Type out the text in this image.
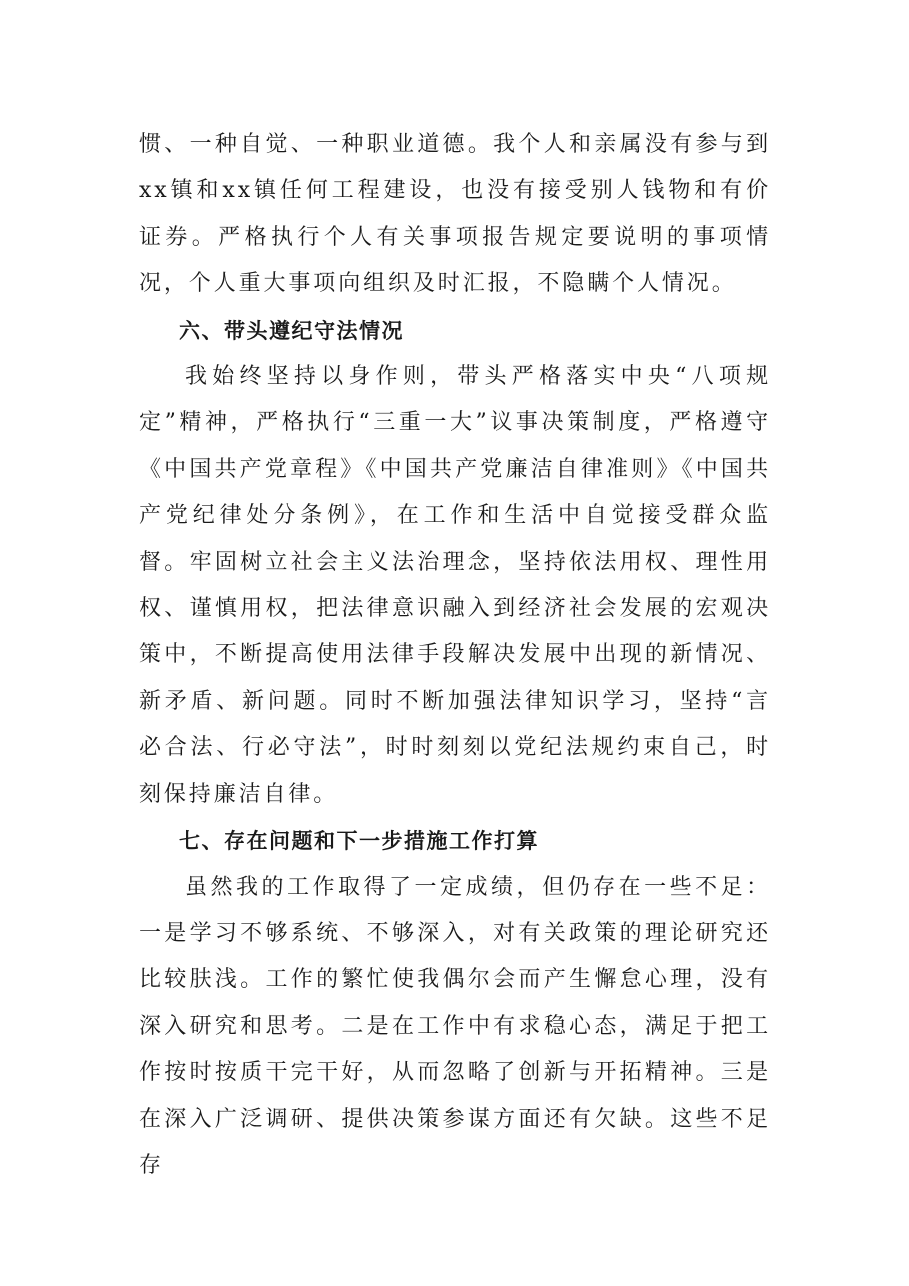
惯、一种自觉、一种职业道德。我个人和亲属没有参与到xx镇和xx镇任何工程建设，也没有接受别人钱物和有价证券。严格执行个人有关事项报告规定要说明的事项情况，个人重大事项向组织及时汇报，不隐瞒个人情况。

六、带头遵纪守法情况

我始终坚持以身作则，带头严格落实中央“八项规定”精神，严格执行“三重一大”议事决策制度，严格遵守《中国共产党章程》《中国共产党廉洁自律准则》《中国共产党纪律处分条例》，在工作和生活中自觉接受群众监督。牢固树立社会主义法治理念，坚持依法用权、理性用权、谨慎用权，把法律意识融入到经济社会发展的宏观决策中，不断提高使用法律手段解决发展中出现的新情况、新矛盾、新问题。同时不断加强法律知识学习，坚持“言必合法、行必守法”，时时刻刻以党纪法规约束自己，时刻保持廉洁自律。

七、存在问题和下一步措施工作打算

虽然我的工作取得了一定成绩，但仍存在一些不足：一是学习不够系统、不够深入，对有关政策的理论研究还比较肤浅。工作的繁忙使我偶尔会而产生懈怠心理，没有深入研究和思考。二是在工作中有求稳心态，满足于把工作按时按质干完干好，从而忽略了创新与开拓精神。三是在深入广泛调研、提供决策参谋方面还有欠缺。这些不足存
